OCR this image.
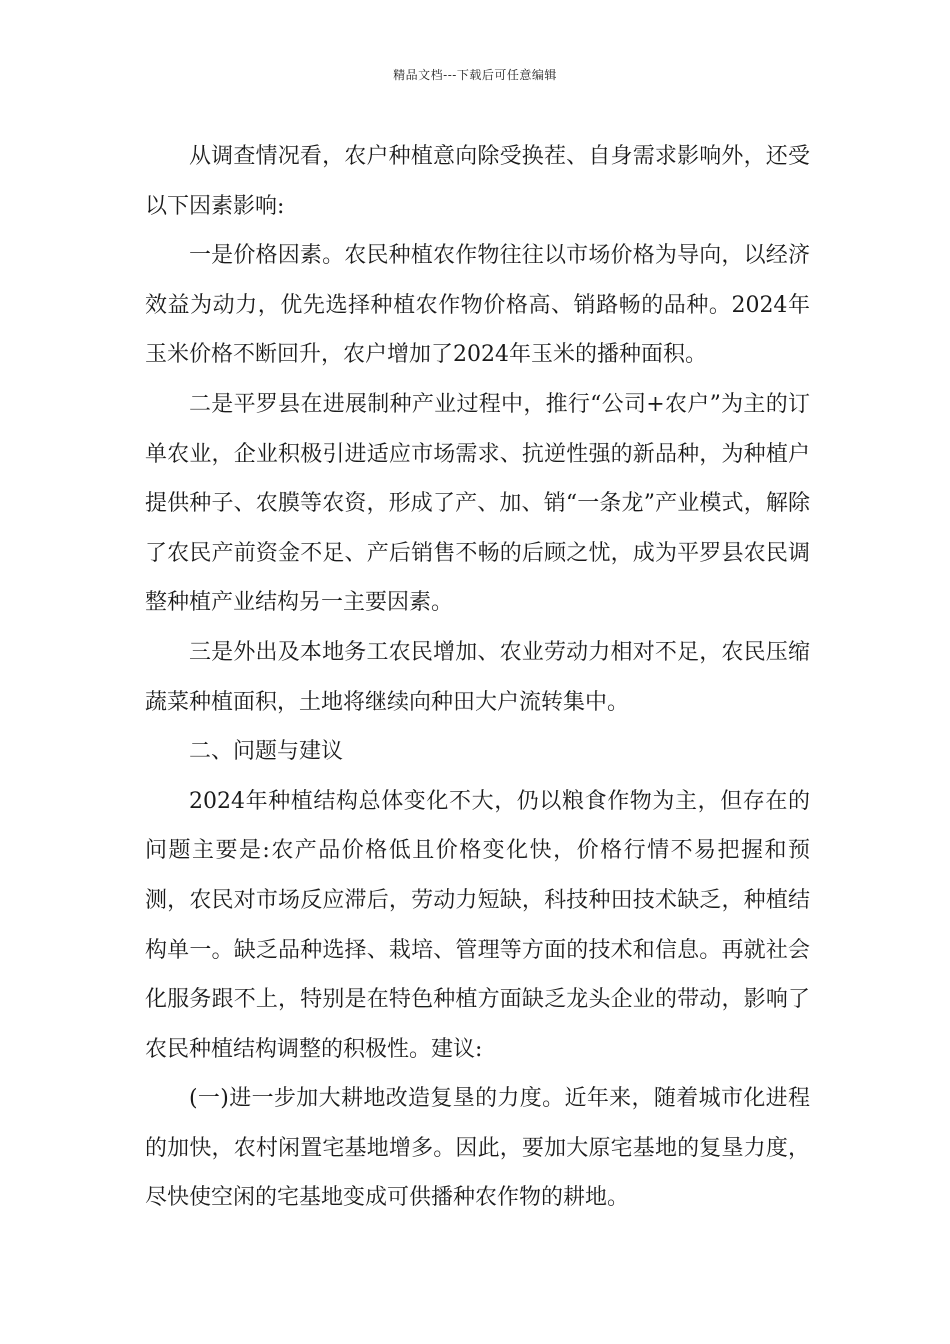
精品文档---下载后可任意编辑

从调查情况看，农户种植意向除受换茬、自身需求影响外，还受以下因素影响:

一是价格因素。农民种植农作物往往以市场价格为导向，以经济效益为动力，优先选择种植农作物价格高、销路畅的品种。2024年玉米价格不断回升，农户增加了2024年玉米的播种面积。

二是平罗县在进展制种产业过程中，推行“公司+农户”为主的订单农业，企业积极引进适应市场需求、抗逆性强的新品种，为种植户提供种子、农膜等农资，形成了产、加、销“一条龙”产业模式，解除了农民产前资金不足、产后销售不畅的后顾之忧，成为平罗县农民调整种植产业结构另一主要因素。

三是外出及本地务工农民增加、农业劳动力相对不足，农民压缩蔬菜种植面积，土地将继续向种田大户流转集中。

二、问题与建议

2024年种植结构总体变化不大，仍以粮食作物为主，但存在的问题主要是:农产品价格低且价格变化快，价格行情不易把握和预测，农民对市场反应滞后，劳动力短缺，科技种田技术缺乏，种植结构单一。缺乏品种选择、栽培、管理等方面的技术和信息。再就社会化服务跟不上，特别是在特色种植方面缺乏龙头企业的带动，影响了农民种植结构调整的积极性。建议:

(一)进一步加大耕地改造复垦的力度。近年来，随着城市化进程的加快，农村闲置宅基地增多。因此，要加大原宅基地的复垦力度，尽快使空闲的宅基地变成可供播种农作物的耕地。
